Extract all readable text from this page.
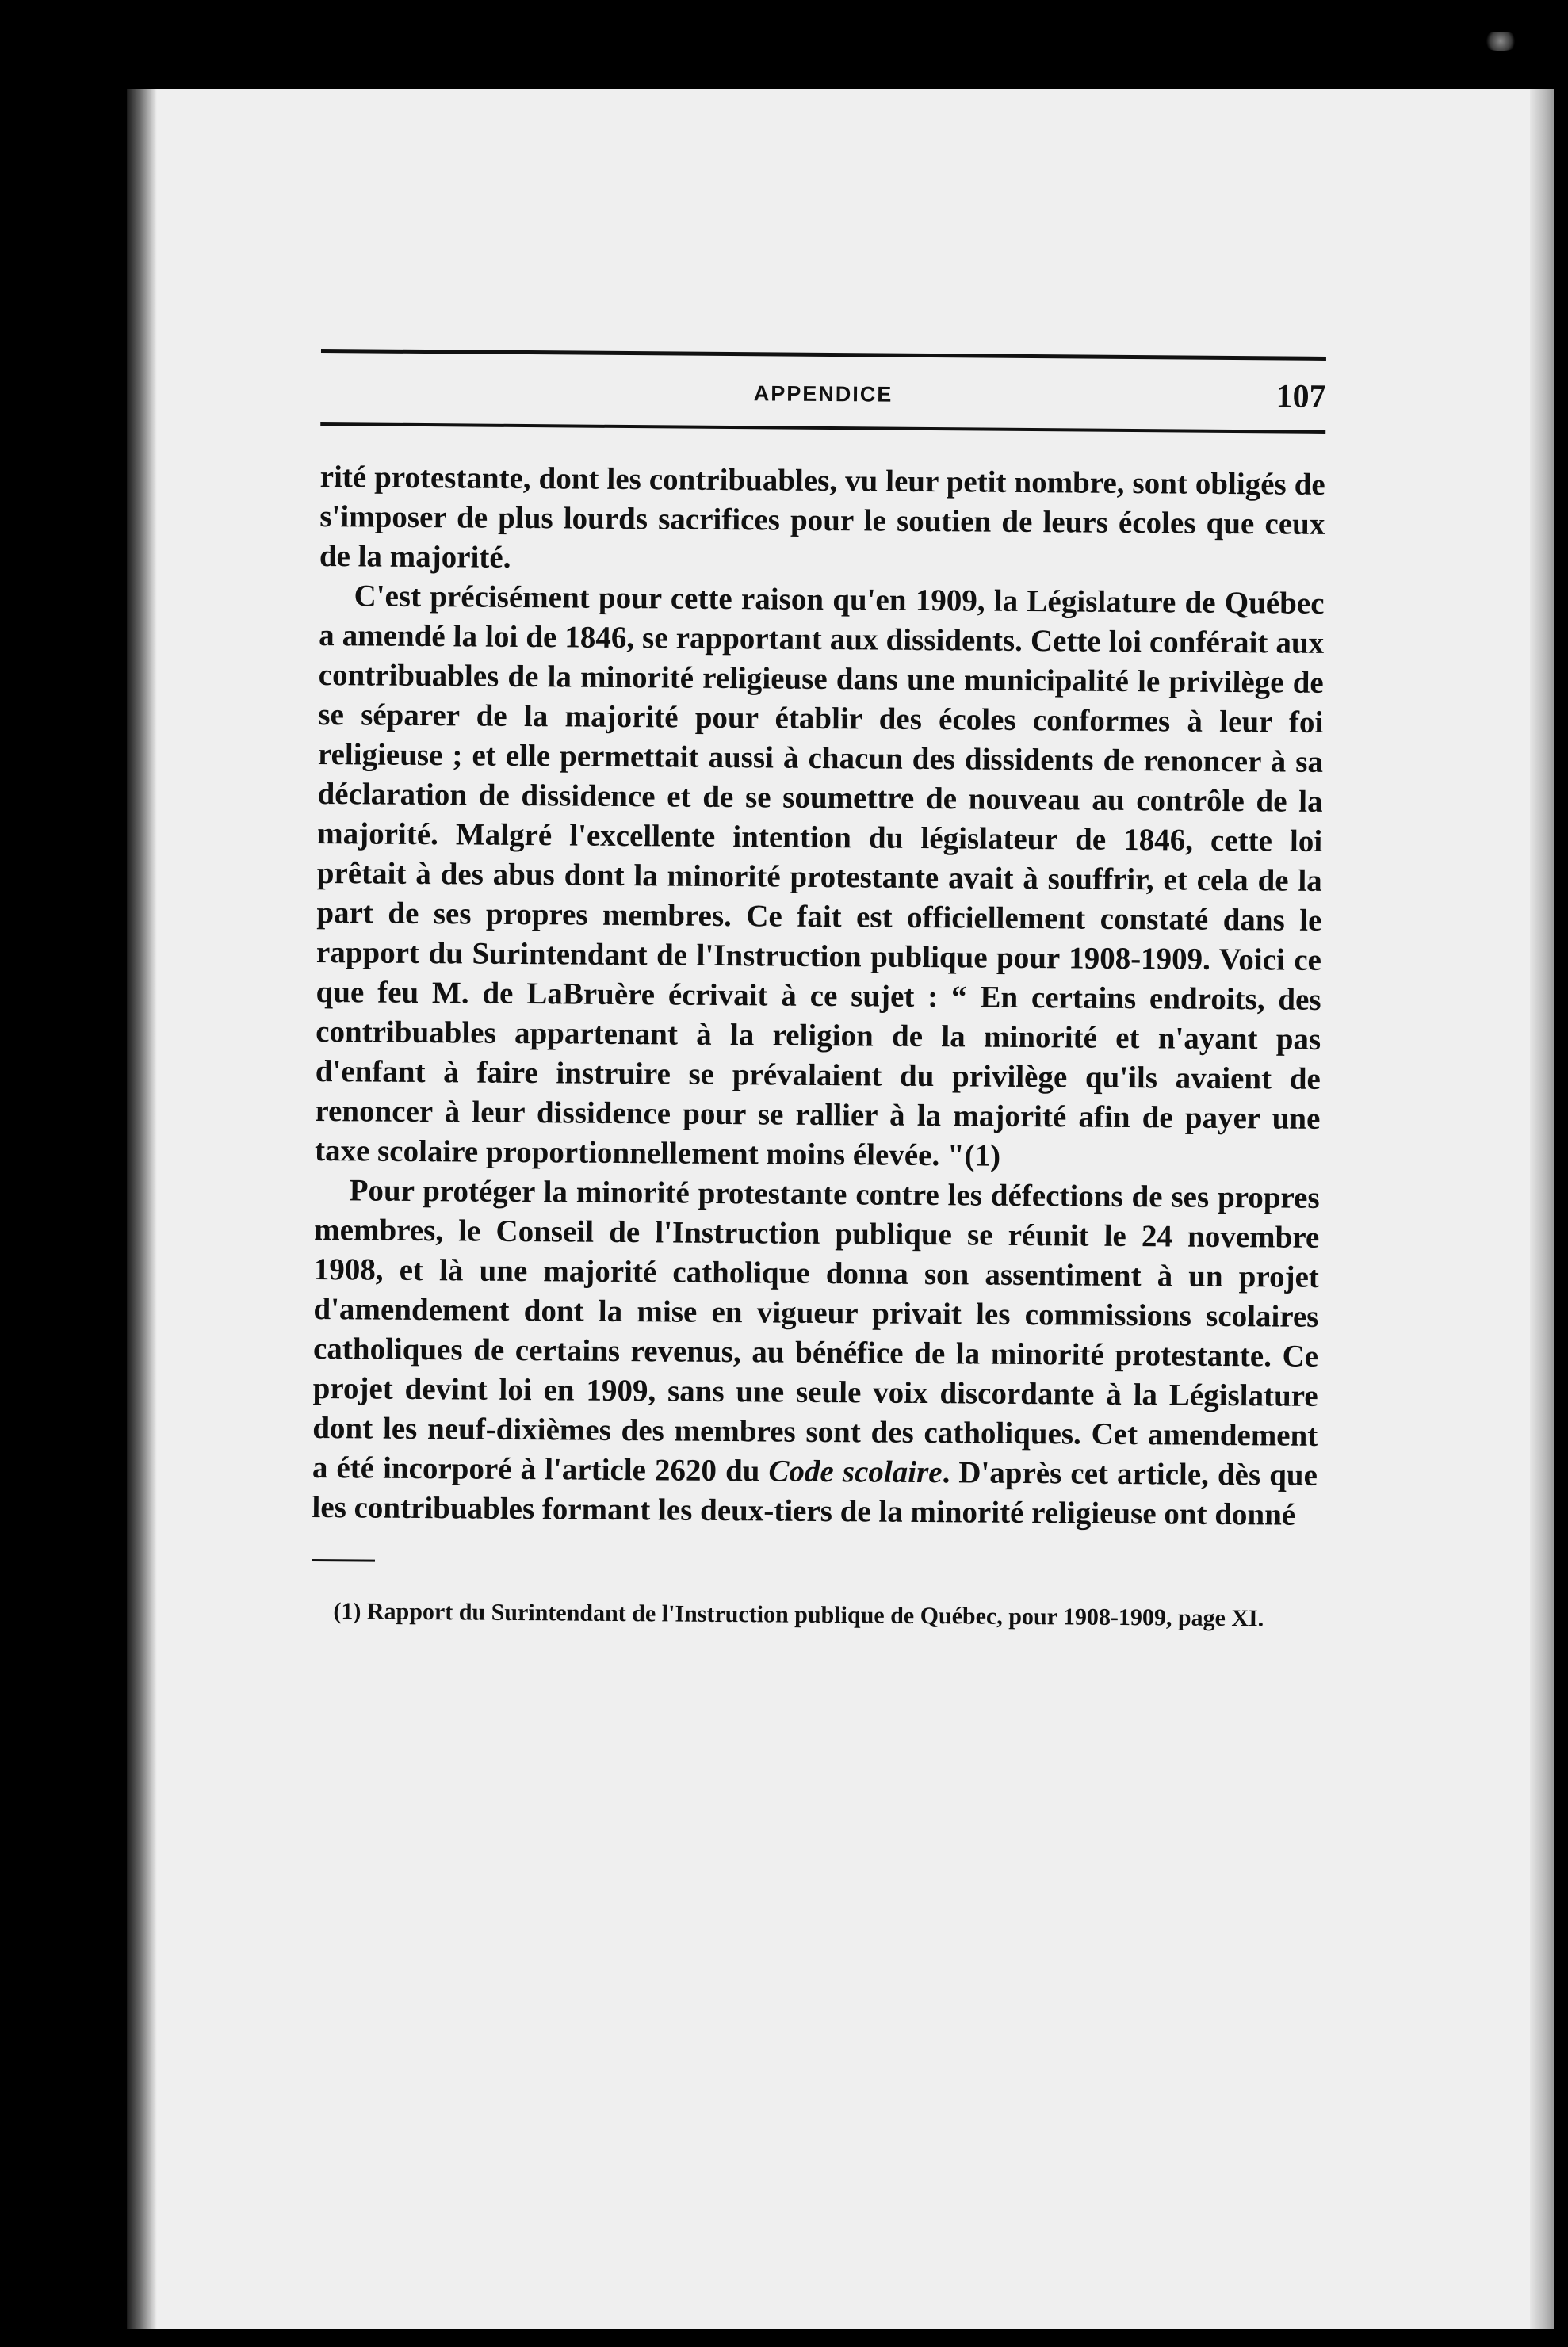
APPENDICE	107

rité protestante, dont les contribuables, vu leur petit nombre, sont obligés de s'imposer de plus lourds sacrifices pour le soutien de leurs écoles que ceux de la majorité.

C'est précisément pour cette raison qu'en 1909, la Législature de Québec a amendé la loi de 1846, se rapportant aux dissidents. Cette loi conférait aux contribuables de la minorité religieuse dans une municipalité le privilège de se séparer de la majorité pour établir des écoles conformes à leur foi religieuse ; et elle permettait aussi à chacun des dissidents de renoncer à sa déclaration de dissidence et de se soumettre de nouveau au contrôle de la majorité. Malgré l'excellente intention du législateur de 1846, cette loi prêtait à des abus dont la minorité protestante avait à souffrir, et cela de la part de ses propres membres. Ce fait est officiellement constaté dans le rapport du Surintendant de l'Instruction publique pour 1908-1909. Voici ce que feu M. de LaBruère écrivait à ce sujet : “ En certains endroits, des contribuables appartenant à la religion de la minorité et n'ayant pas d'enfant à faire instruire se prévalaient du privilège qu'ils avaient de renoncer à leur dissidence pour se rallier à la majorité afin de payer une taxe scolaire proportionnellement moins élevée. "(1)

Pour protéger la minorité protestante contre les défections de ses propres membres, le Conseil de l'Instruction publique se réunit le 24 novembre 1908, et là une majorité catholique donna son assentiment à un projet d'amendement dont la mise en vigueur privait les commissions scolaires catholiques de certains revenus, au bénéfice de la minorité protestante. Ce projet devint loi en 1909, sans une seule voix discordante à la Législature dont les neuf-dixièmes des membres sont des catholiques. Cet amendement a été incorporé à l'article 2620 du Code scolaire. D'après cet article, dès que les contribuables formant les deux-tiers de la minorité religieuse ont donné

(1) Rapport du Surintendant de l'Instruction publique de Québec, pour 1908-1909, page XI.
